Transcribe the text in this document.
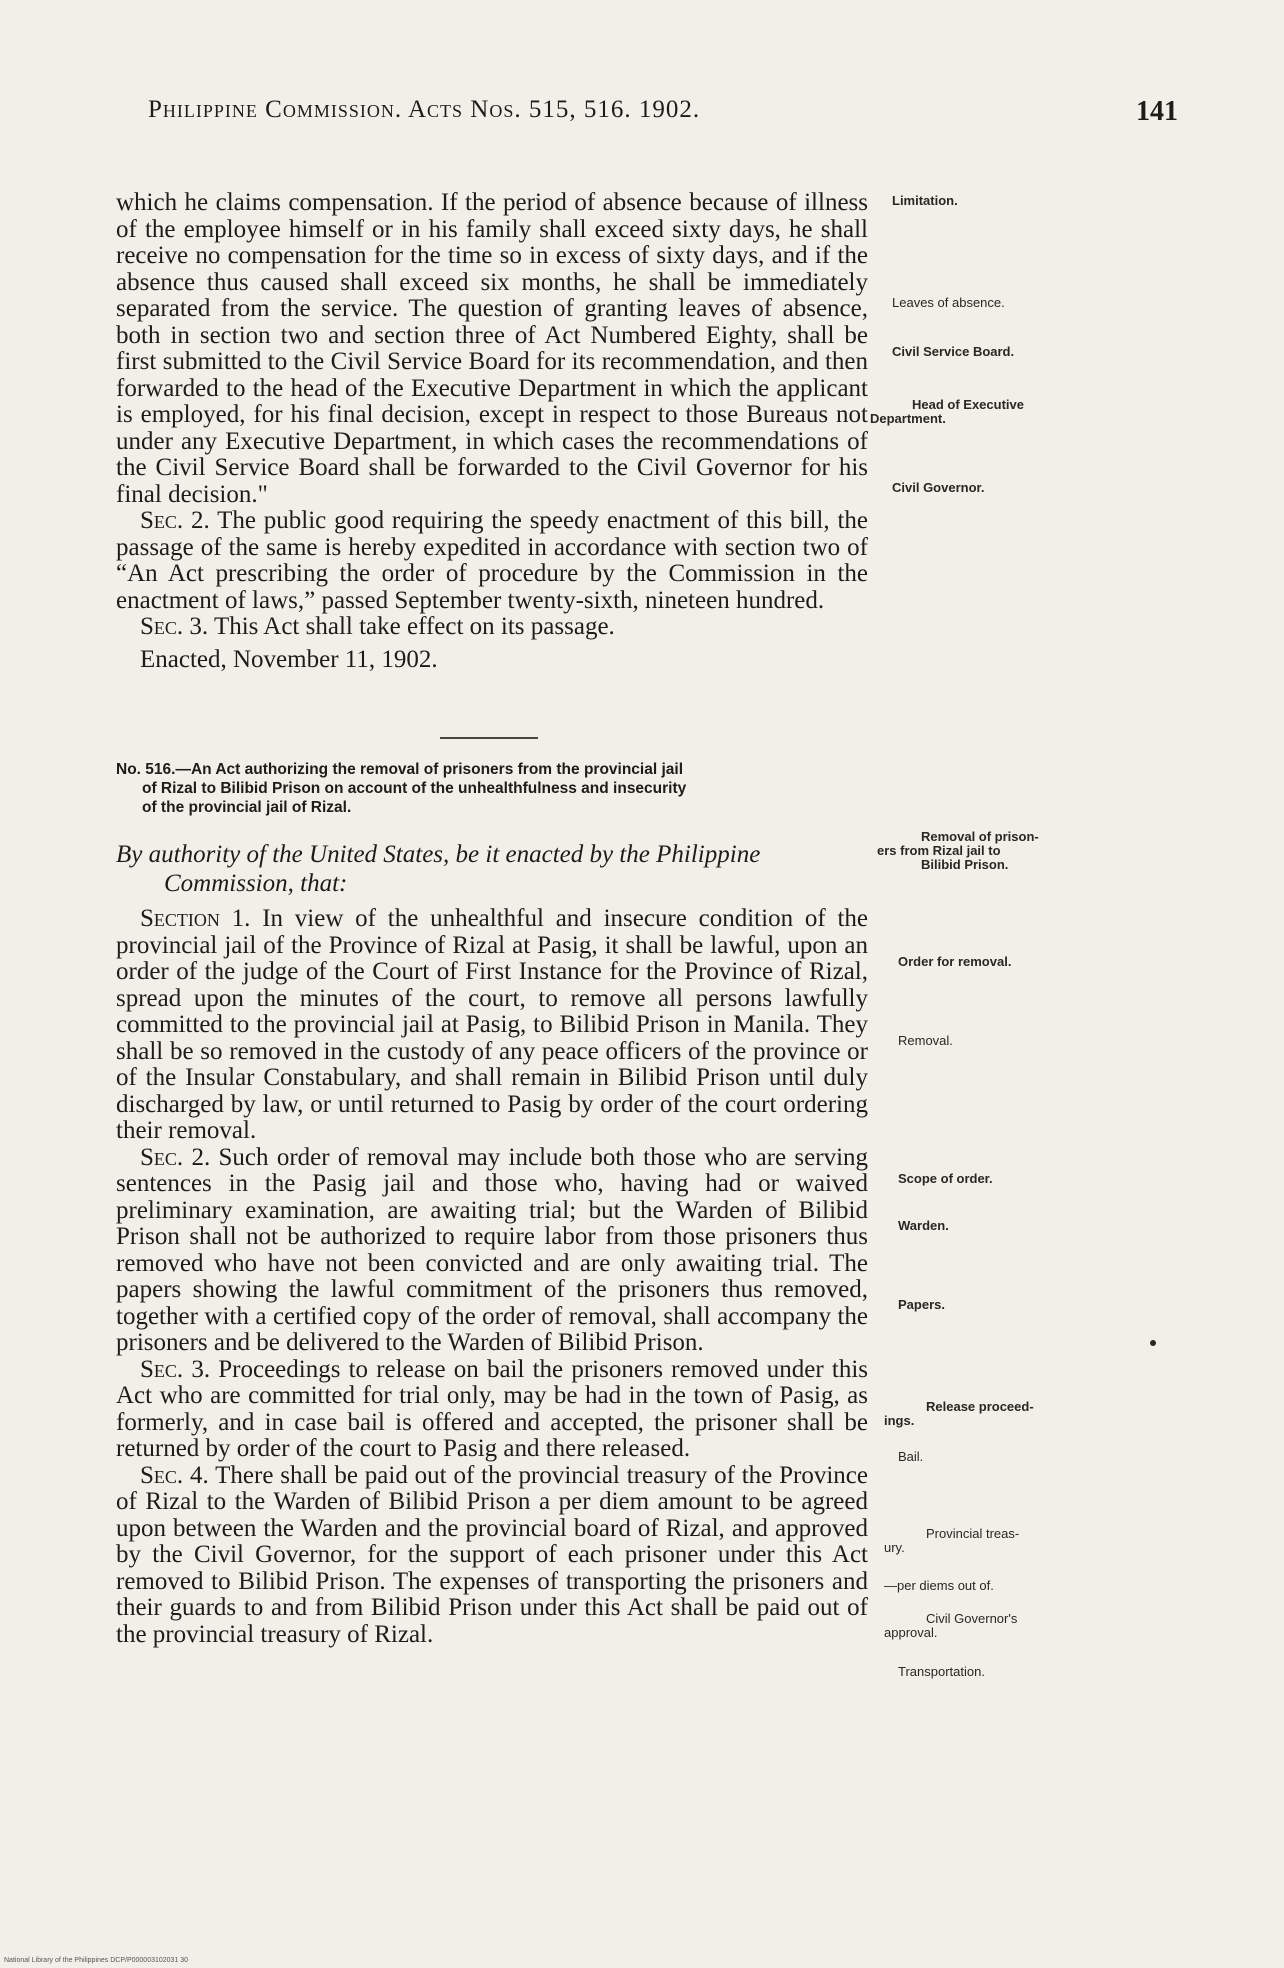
Philippine Commission. Acts Nos. 515, 516. 1902.	141

which he claims compensation. If the period of absence because of illness of the employee himself or in his family shall exceed sixty days, he shall receive no compensation for the time so in excess of sixty days, and if the absence thus caused shall exceed six months, he shall be immediately separated from the service. The question of granting leaves of absence, both in section two and section three of Act Numbered Eighty, shall be first submitted to the Civil Service Board for its recommendation, and then forwarded to the head of the Executive Department in which the applicant is employed, for his final decision, except in respect to those Bureaus not under any Executive Department, in which cases the recommendations of the Civil Service Board shall be forwarded to the Civil Governor for his final decision."

Sec. 2. The public good requiring the speedy enactment of this bill, the passage of the same is hereby expedited in accordance with section two of “An Act prescribing the order of procedure by the Commission in the enactment of laws,” passed September twenty-sixth, nineteen hundred.

Sec. 3. This Act shall take effect on its passage.

Enacted, November 11, 1902.

No. 516.—An Act authorizing the removal of prisoners from the provincial jail
of Rizal to Bilibid Prison on account of the unhealthfulness and insecurity
of the provincial jail of Rizal.
By authority of the United States, be it enacted by the Philippine
Commission, that:

Section 1. In view of the unhealthful and insecure condition of the provincial jail of the Province of Rizal at Pasig, it shall be lawful, upon an order of the judge of the Court of First Instance for the Province of Rizal, spread upon the minutes of the court, to remove all persons lawfully committed to the provincial jail at Pasig, to Bilibid Prison in Manila. They shall be so removed in the custody of any peace officers of the province or of the Insular Constabulary, and shall remain in Bilibid Prison until duly discharged by law, or until returned to Pasig by order of the court ordering their removal.

Sec. 2. Such order of removal may include both those who are serving sentences in the Pasig jail and those who, having had or waived preliminary examination, are awaiting trial; but the Warden of Bilibid Prison shall not be authorized to require labor from those prisoners thus removed who have not been convicted and are only awaiting trial. The papers showing the lawful commitment of the prisoners thus removed, together with a certified copy of the order of removal, shall accompany the prisoners and be delivered to the Warden of Bilibid Prison.

Sec. 3. Proceedings to release on bail the prisoners removed under this Act who are committed for trial only, may be had in the town of Pasig, as formerly, and in case bail is offered and accepted, the prisoner shall be returned by order of the court to Pasig and there released.

Sec. 4. There shall be paid out of the provincial treasury of the Province of Rizal to the Warden of Bilibid Prison a per diem amount to be agreed upon between the Warden and the provincial board of Rizal, and approved by the Civil Governor, for the support of each prisoner under this Act removed to Bilibid Prison. The expenses of transporting the prisoners and their guards to and from Bilibid Prison under this Act shall be paid out of the provincial treasury of Rizal.

Limitation.
Leaves of absence.
Civil Service Board.
Head of Executive
Department.
Civil Governor.
Removal of prison-
ers from Rizal jail to
Bilibid Prison.
Order for removal.
Removal.
Scope of order.
Warden.
Papers.
Release proceed-
ings.
Bail.
Provincial treas-
ury.
—per diems out of.
Civil Governor's
approval.
Transportation.
National Library of the Philippines DCP/P000003102031 30
